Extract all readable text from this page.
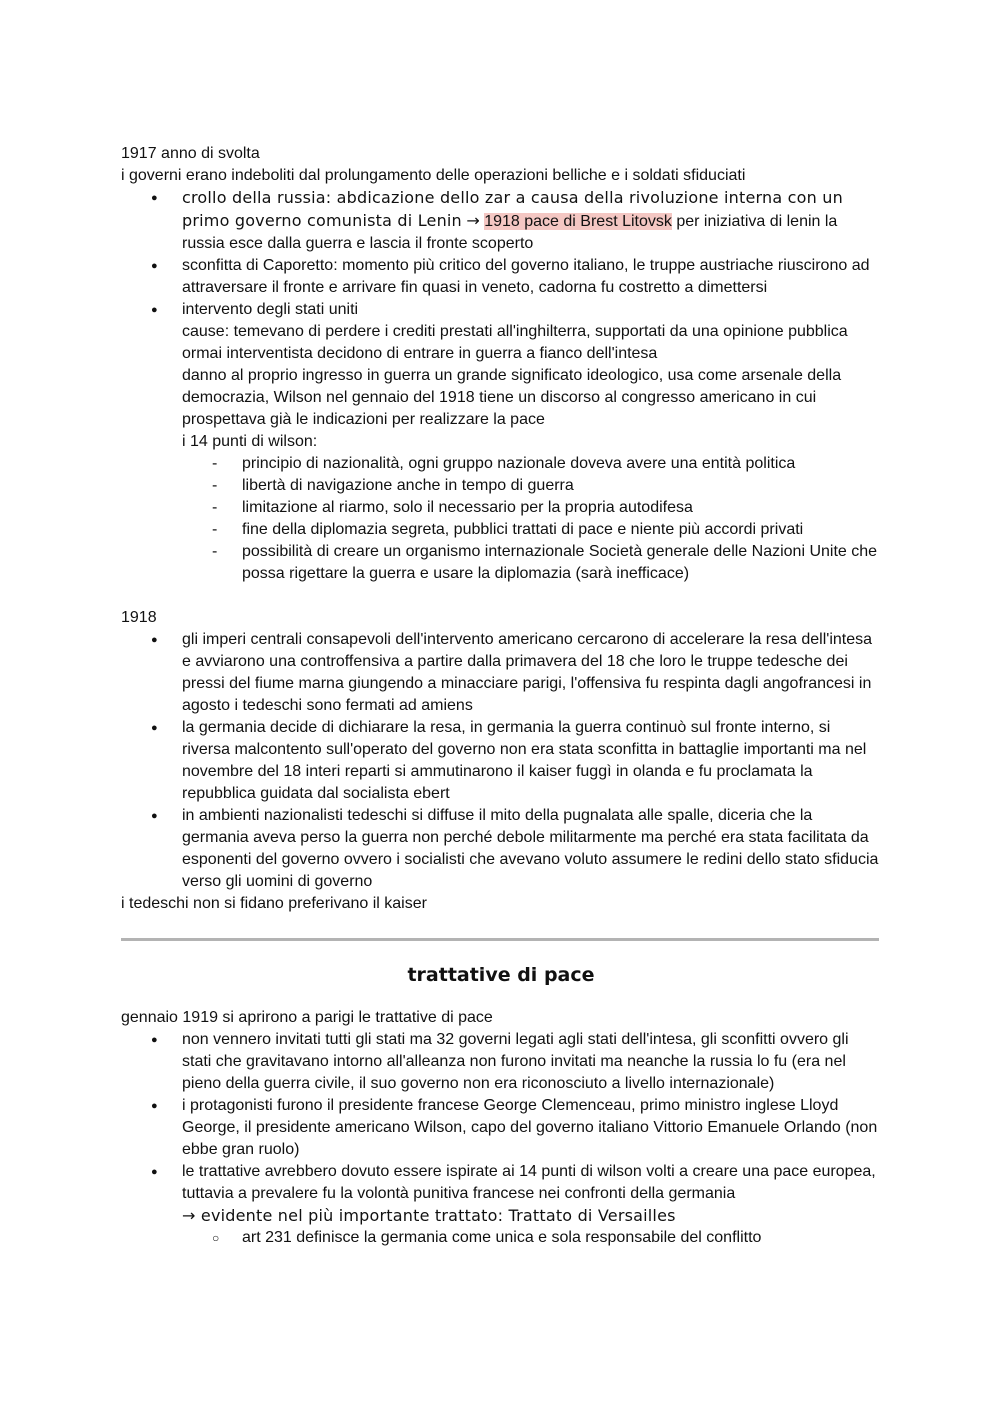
1917 anno di svolta

i governi erano indeboliti dal prolungamento delle operazioni belliche e i soldati sfiduciati

● crollo della russia: abdicazione dello zar a causa della rivoluzione interna con un primo governo comunista di Lenin → 1918 pace di Brest Litovsk per iniziativa di lenin la russia esce dalla guerra e lascia il fronte scoperto
● sconfitta di Caporetto: momento più critico del governo italiano, le truppe austriache riuscirono ad attraversare il fronte e arrivare fin quasi in veneto, cadorna fu costretto a dimettersi
● intervento degli stati uniti
cause: temevano di perdere i crediti prestati all'inghilterra, supportati da una opinione pubblica ormai interventista decidono di entrare in guerra a fianco dell'intesa
danno al proprio ingresso in guerra un grande significato ideologico, usa come arsenale della democrazia, Wilson nel gennaio del 1918 tiene un discorso al congresso americano in cui prospettava già le indicazioni per realizzare la pace
i 14 punti di wilson:
- principio di nazionalità, ogni gruppo nazionale doveva avere una entità politica
- libertà di navigazione anche in tempo di guerra
- limitazione al riarmo, solo il necessario per la propria autodifesa
- fine della diplomazia segreta, pubblici trattati di pace e niente più accordi privati
- possibilità di creare un organismo internazionale Società generale delle Nazioni Unite che possa rigettare la guerra e usare la diplomazia (sarà inefficace)

1918

● gli imperi centrali consapevoli dell'intervento americano cercarono di accelerare la resa dell'intesa e avviarono una controffensiva a partire dalla primavera del 18 che loro le truppe tedesche dei pressi del fiume marna giungendo a minacciare parigi, l'offensiva fu respinta dagli angofrancesi in agosto i tedeschi sono fermati ad amiens
● la germania decide di dichiarare la resa, in germania la guerra continuò sul fronte interno, si riversa malcontento sull'operato del governo non era stata sconfitta in battaglie importanti ma nel novembre del 18 interi reparti si ammutinarono il kaiser fuggì in olanda e fu proclamata la repubblica guidata dal socialista ebert
● in ambienti nazionalisti tedeschi si diffuse il mito della pugnalata alle spalle, diceria che la germania aveva perso la guerra non perché debole militarmente ma perché era stata facilitata da esponenti del governo ovvero i socialisti che avevano voluto assumere le redini dello stato sfiducia verso gli uomini di governo

i tedeschi non si fidano preferivano il kaiser

trattative di pace

gennaio 1919 si aprirono a parigi le trattative di pace

● non vennero invitati tutti gli stati ma 32 governi legati agli stati dell'intesa, gli sconfitti ovvero gli stati che gravitavano intorno all'alleanza non furono invitati ma neanche la russia lo fu (era nel pieno della guerra civile, il suo governo non era riconosciuto a livello internazionale)
● i protagonisti furono il presidente francese George Clemenceau, primo ministro inglese Lloyd George, il presidente americano Wilson, capo del governo italiano Vittorio Emanuele Orlando (non ebbe gran ruolo)
● le trattative avrebbero dovuto essere ispirate ai 14 punti di wilson volti a creare una pace europea, tuttavia a prevalere fu la volontà punitiva francese nei confronti della germania
→ evidente nel più importante trattato: Trattato di Versailles
○ art 231 definisce la germania come unica e sola responsabile del conflitto
